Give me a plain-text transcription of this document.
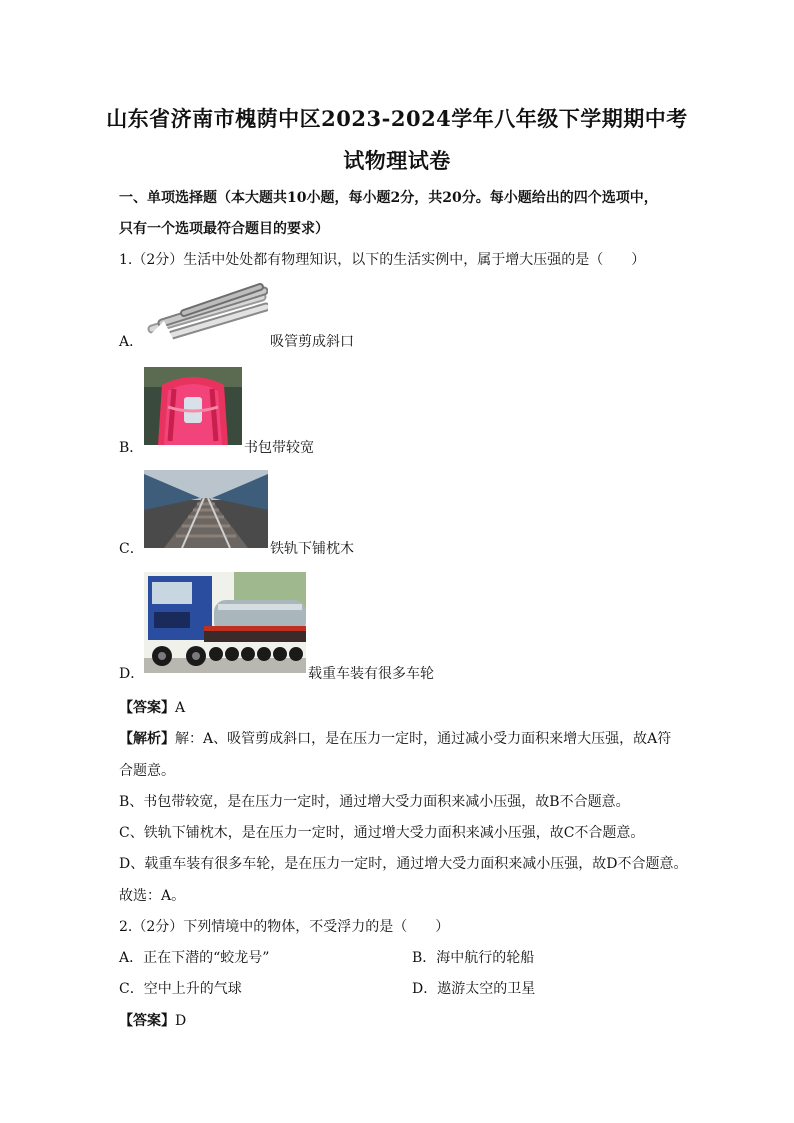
山东省济南市槐荫中区2023-2024学年八年级下学期期中考
试物理试卷
一、单项选择题（本大题共10小题，每小题2分，共20分。每小题给出的四个选项中，
只有一个选项最符合题目的要求）
1.（2分）生活中处处都有物理知识，以下的生活实例中，属于增大压强的是（　　）
A．	吸管剪成斜口
B．	书包带较宽
C．	铁轨下铺枕木
D．	载重车装有很多车轮
【答案】A
【解析】解：A、吸管剪成斜口，是在压力一定时，通过减小受力面积来增大压强，故A符
合题意。
B、书包带较宽，是在压力一定时，通过增大受力面积来减小压强，故B不合题意。
C、铁轨下铺枕木，是在压力一定时，通过增大受力面积来减小压强，故C不合题意。
D、载重车装有很多车轮，是在压力一定时，通过增大受力面积来减小压强，故D不合题意。
故选：A。
2.（2分）下列情境中的物体，不受浮力的是（　　）
A．正在下潜的“蛟龙号”	B．海中航行的轮船
C．空中上升的气球	D．遨游太空的卫星
【答案】D
